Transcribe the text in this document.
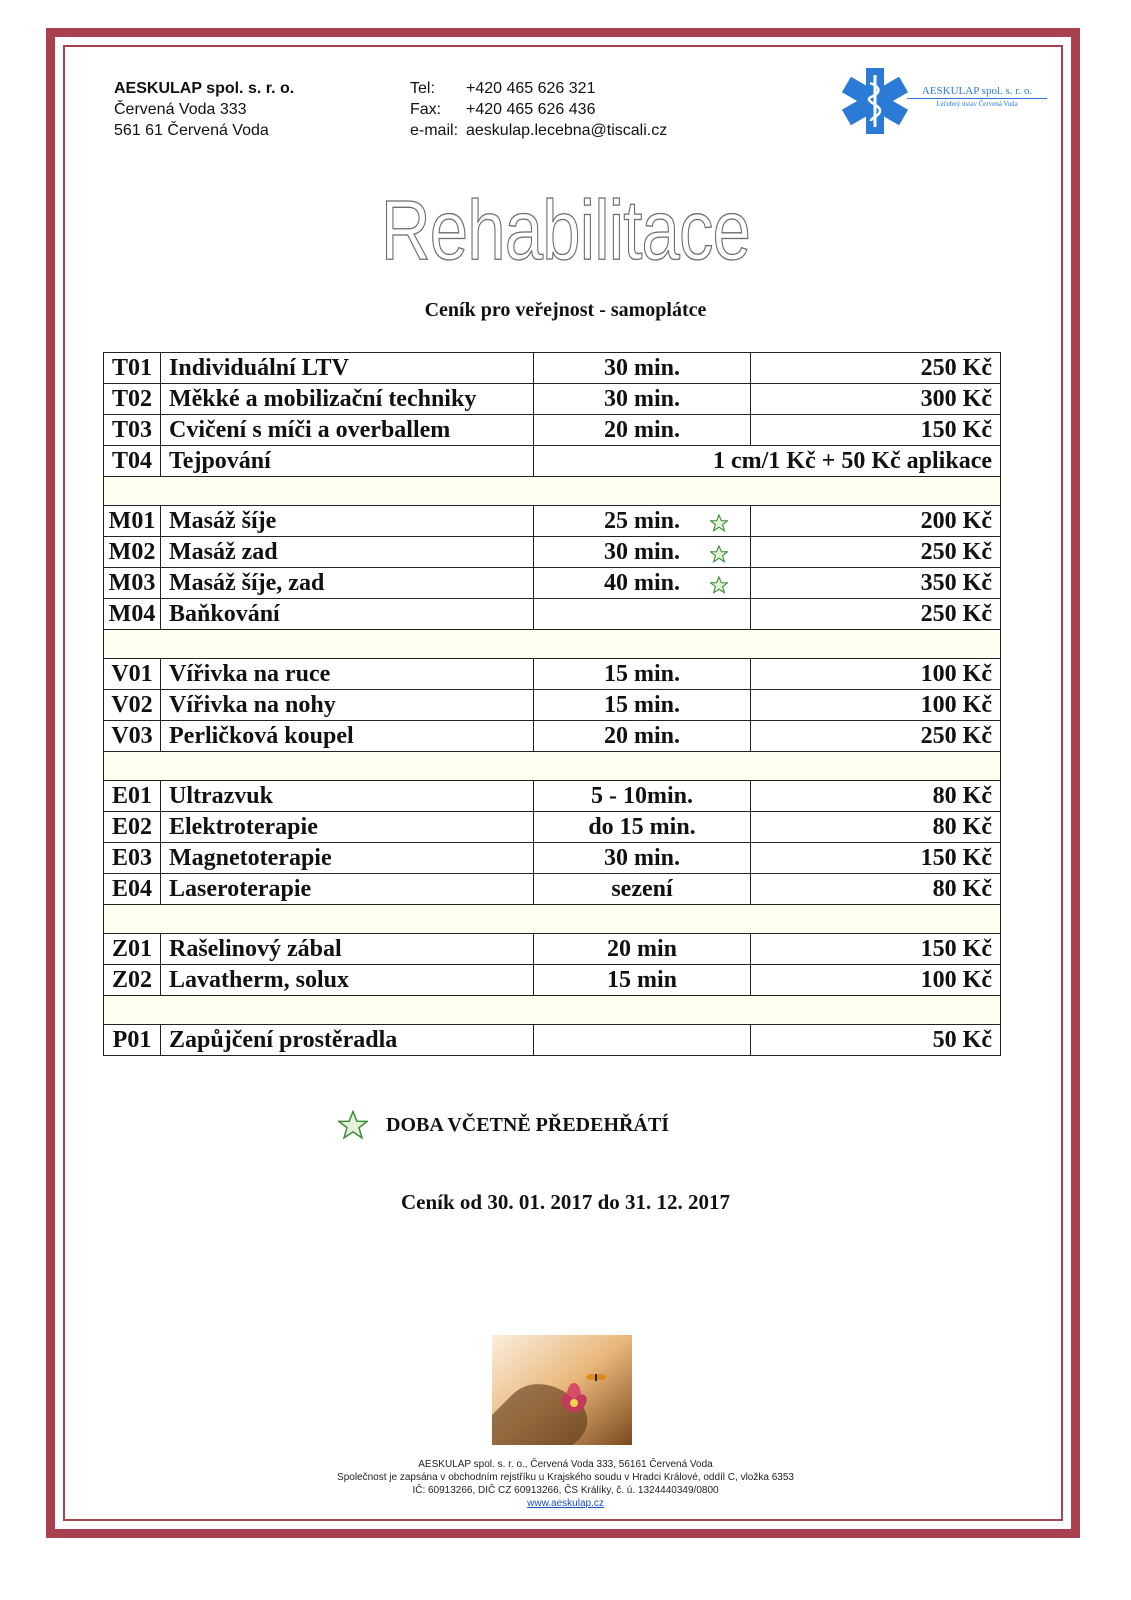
AESKULAP spol. s. r. o.
Červená Voda 333
561 61 Červená Voda
Tel:	+420 465 626 321
Fax:	+420 465 626 436
e-mail: aeskulap.lecebna@tiscali.cz
AESKULAP spol. s. r. o.
Léčebný ústav Červená Voda
Rehabilitace
Ceník pro veřejnost - samoplátce
T01	Individuální LTV	30 min.	250 Kč
T02	Měkké a mobilizační techniky	30 min.	300 Kč
T03	Cvičení s míči a overballem	20 min.	150 Kč
T04	Tejpování	1 cm/1 Kč + 50 Kč aplikace	

M01	Masáž šíje	25 min.	200 Kč
M02	Masáž zad	30 min.	250 Kč
M03	Masáž šíje, zad	40 min.	350 Kč
M04	Baňkování		250 Kč

V01	Vířivka na ruce	15 min.	100 Kč
V02	Vířivka na nohy	15 min.	100 Kč
V03	Perličková koupel	20 min.	250 Kč

E01	Ultrazvuk	5 - 10min.	80 Kč
E02	Elektroterapie	do 15 min.	80 Kč
E03	Magnetoterapie	30 min.	150 Kč
E04	Laseroterapie	sezení	80 Kč

Z01	Rašelinový zábal	20 min	150 Kč
Z02	Lavatherm, solux	15 min	100 Kč

P01	Zapůjčení prostěradla		50 Kč
DOBA VČETNĚ PŘEDEHŘÁTÍ
Ceník od 30. 01. 2017 do 31. 12. 2017
AESKULAP spol. s. r. o., Červená Voda 333, 56161 Červená Voda
Společnost je zapsána v obchodním rejstříku u Krajského soudu v Hradci Králové, oddíl C, vložka 6353
IČ: 60913266, DIČ CZ 60913266, ČS Králíky, č. ú. 1324440349/0800
www.aeskulap.cz
